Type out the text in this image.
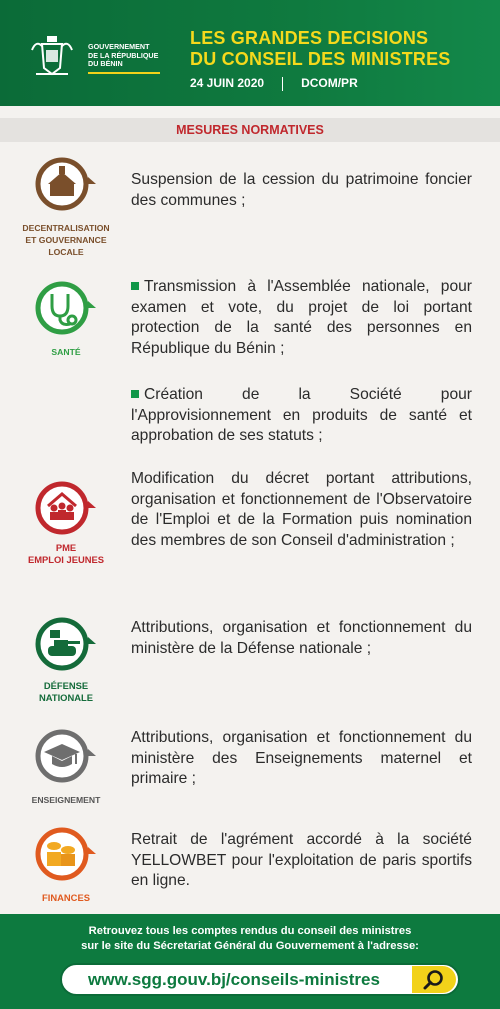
GOUVERNEMENT
DE LA RÉPUBLIQUE
DU BÉNIN
LES GRANDES DECISIONS
DU CONSEIL DES MINISTRES
24 JUIN 2020	DCOM/PR
MESURES NORMATIVES
DECENTRALISATION
ET GOUVERNANCE
LOCALE
Suspension de la cession du patrimoine foncier des communes ;
SANTÉ
Transmission à l'Assemblée nationale, pour examen et vote, du projet de loi portant protection de la santé des personnes en République du Bénin ;
Création de la Société pour l'Approvisionnement en produits de santé et approbation de ses statuts ;
PME
EMPLOI JEUNES
Modification du décret portant attributions, organisation et fonctionnement de l'Observatoire de l'Emploi et de la Formation puis nomination des membres de son Conseil d'administration ;
DÉFENSE
NATIONALE
Attributions, organisation et fonctionnement du ministère de la Défense nationale ;
ENSEIGNEMENT
Attributions, organisation et fonctionnement du ministère des Enseignements maternel et primaire ;
FINANCES
Retrait de l'agrément accordé à la société YELLOWBET pour l'exploitation de paris sportifs en ligne.
Retrouvez tous les comptes rendus du conseil des ministres
sur le site du Sécretariat Général du Gouvernement à l'adresse:
www.sgg.gouv.bj/conseils-ministres
